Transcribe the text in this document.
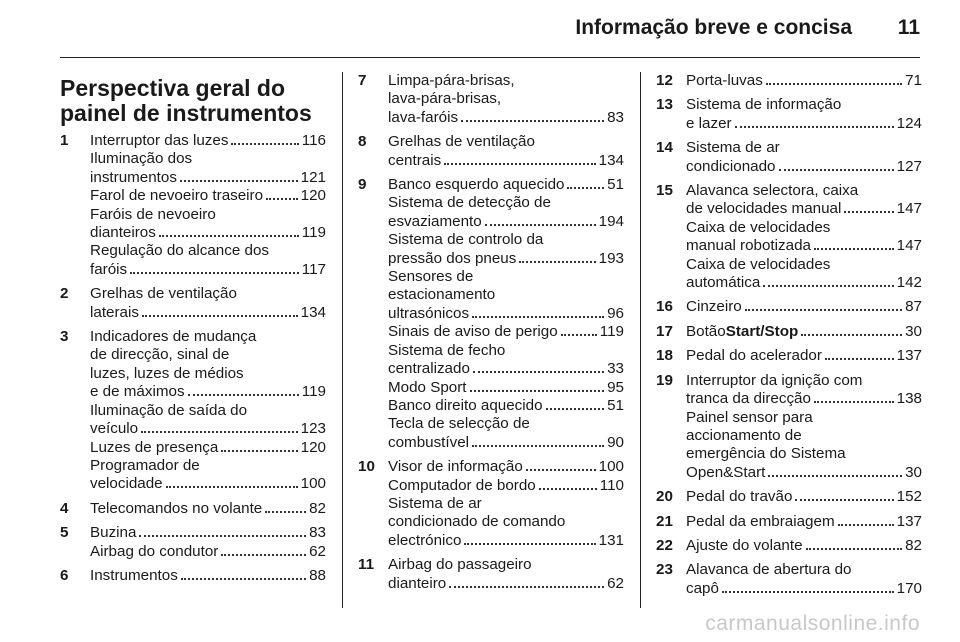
Informação breve e concisa 11
Perspectiva geral do
painel de instrumentos
1 Interruptor das luzes	116
Iluminação dos
instrumentos	121
Farol de nevoeiro traseiro 120
Faróis de nevoeiro
dianteiros	119
Regulação do alcance dos
faróis	117
2 Grelhas de ventilação
laterais	134
3 Indicadores de mudança
de direcção, sinal de
luzes, luzes de médios
e de máximos	119
Iluminação de saída do
veículo	123
Luzes de presença	120
Programador de
velocidade	100
4 Telecomandos no volante	82
5 Buzina	83
Airbag do condutor	62
6 Instrumentos	88
7 Limpa-pára-brisas,
lava-pára-brisas,
lava-faróis	83
8 Grelhas de ventilação
centrais	134
9 Banco esquerdo aquecido	51
Sistema de detecção de
esvaziamento	194
Sistema de controlo da
pressão dos pneus	193
Sensores de
estacionamento
ultrasónicos	96
Sinais de aviso de perigo	119
Sistema de fecho
centralizado	33
Modo Sport	95
Banco direito aquecido	51
Tecla de selecção de
combustível	90
10 Visor de informação	100
Computador de bordo	110
Sistema de ar
condicionado de comando
electrónico	131
11 Airbag do passageiro
dianteiro	62
12 Porta-luvas	71
13 Sistema de informação
e lazer	124
14 Sistema de ar
condicionado	127
15 Alavanca selectora, caixa
de velocidades manual	147
Caixa de velocidades
manual robotizada	147
Caixa de velocidades
automática	142
16 Cinzeiro	87
17 Botão Start/Stop	30
18 Pedal do acelerador	137
19 Interruptor da ignição com
tranca da direcção	138
Painel sensor para
accionamento de
emergência do Sistema
Open&Start	30
20 Pedal do travão	152
21 Pedal da embraiagem	137
22 Ajuste do volante	82
23 Alavanca de abertura do
capô	170
carmanualsonline.info
